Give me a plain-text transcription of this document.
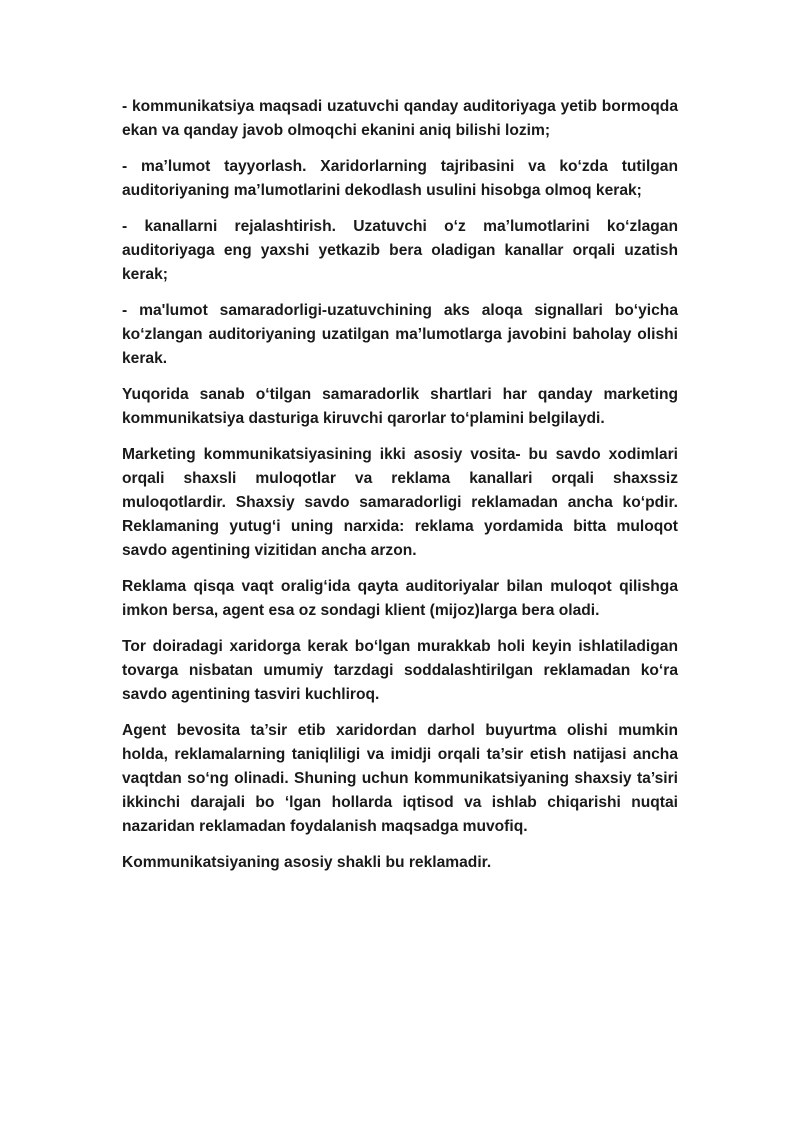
- kommunikatsiya maqsadi uzatuvchi qanday auditoriyaga yetib bormoqda ekan va qanday javob olmoqchi ekanini aniq bilishi lozim;

- ma’lumot tayyorlash. Xaridorlarning tajribasini va ko‘zda tutilgan auditoriyaning ma’lumotlarini dekodlash usulini hisobga olmoq kerak;

- kanallarni rejalashtirish. Uzatuvchi o‘z ma’lumotlarini ko‘zlagan auditoriyaga eng yaxshi yetkazib bera oladigan kanallar orqali uzatish kerak;

- ma'lumot samaradorligi-uzatuvchining aks aloqa signallari bo‘yicha ko‘zlangan auditoriyaning uzatilgan ma’lumotlarga javobini baholay olishi kerak.

Yuqorida sanab o‘tilgan samaradorlik shartlari har qanday marketing kommunikatsiya dasturiga kiruvchi qarorlar to‘plamini belgilaydi.

Marketing kommunikatsiyasining ikki asosiy vosita- bu savdo xodimlari orqali shaxsli muloqotlar va reklama kanallari orqali shaxssiz muloqotlardir. Shaxsiy savdo samaradorligi reklamadan ancha ko‘pdir. Reklamaning yutug‘i uning narxida: reklama yordamida bitta muloqot savdo agentining vizitidan ancha arzon.

Reklama qisqa vaqt oralig‘ida qayta auditoriyalar bilan muloqot qilishga imkon bersa, agent esa oz sondagi klient (mijoz)larga bera oladi.

Tor doiradagi xaridorga kerak bo‘lgan murakkab holi keyin ishlatiladigan tovarga nisbatan umumiy tarzdagi soddalashtirilgan reklamadan ko‘ra savdo agentining tasviri kuchliroq.

Agent bevosita ta’sir etib xaridordan darhol buyurtma olishi mumkin holda, reklamalarning taniqliligi va imidji orqali ta’sir etish natijasi ancha vaqtdan so‘ng olinadi. Shuning uchun kommunikatsiyaning shaxsiy ta’siri ikkinchi darajali bo ‘lgan hollarda iqtisod va ishlab chiqarishi nuqtai nazaridan reklamadan foydalanish maqsadga muvofiq.

Kommunikatsiyaning asosiy shakli bu reklamadir.
